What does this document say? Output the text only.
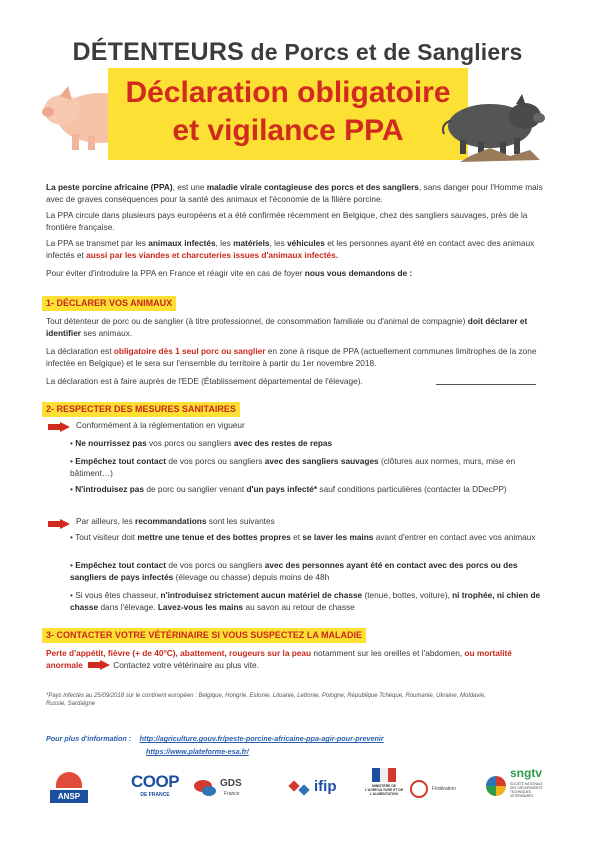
DÉTENTEURS de Porcs et de Sangliers
Déclaration obligatoire
et vigilance PPA
La peste porcine africaine (PPA), est une maladie virale contagieuse des porcs et des sangliers, sans danger pour l'Homme mais avec de graves conséquences pour la santé des animaux et l'économie de la filière porcine.
La PPA circule dans plusieurs pays européens et a été confirmée récemment en Belgique, chez des sangliers sauvages, près de la frontière française.
La PPA se transmet par les animaux infectés, les matériels, les véhicules et les personnes ayant été en contact avec des animaux infectés et aussi par les viandes et charcuteries issues d'animaux infectés.
Pour éviter d'introduire la PPA en France et réagir vite en cas de foyer nous vous demandons de :
1- DÉCLARER VOS ANIMAUX
Tout détenteur de porc ou de sanglier (à titre professionnel, de consommation familiale ou d'animal de compagnie) doit déclarer et identifier ses animaux.
La déclaration est obligatoire dès 1 seul porc ou sanglier en zone à risque de PPA (actuellement communes limitrophes de la zone infectée en Belgique) et le sera sur l'ensemble du territoire à partir du 1er novembre 2018.
La déclaration est à faire auprès de l'EDE (Établissement départemental de l'élevage).
2- RESPECTER DES MESURES SANITAIRES
Conformément à la réglementation en vigueur
• Ne nourrissez pas vos porcs ou sangliers avec des restes de repas
• Empêchez tout contact de vos porcs ou sangliers avec des sangliers sauvages (clôtures aux normes, murs, mise en bâtiment…)
• N'introduisez pas de porc ou sanglier venant d'un pays infecté* sauf conditions particulières (contacter la DDecPP)
Par ailleurs, les recommandations sont les suivantes
• Tout visiteur doit mettre une tenue et des bottes propres et se laver les mains avant d'entrer en contact avec vos animaux
• Empêchez tout contact de vos porcs ou sangliers avec des personnes ayant été en contact avec des porcs ou des sangliers de pays infectés (élevage ou chasse) depuis moins de 48h
• Si vous êtes chasseur, n'introduisez strictement aucun matériel de chasse (tenue, bottes, voiture), ni trophée, ni chien de chasse dans l'élevage. Lavez-vous les mains au savon au retour de chasse
3- CONTACTER VOTRE VÉTÉRINAIRE SI VOUS SUSPECTEZ LA MALADIE
Perte d'appétit, fièvre (+ de 40°C), abattement, rougeurs sur la peau notamment sur les oreilles et l'abdomen, ou mortalité anormale	Contactez votre vétérinaire au plus vite.
*Pays infectés au 25/09/2018 sur le continent européen : Belgique, Hongrie, Estonie, Lituanie, Lettonie, Pologne, République Tchèque, Roumanie, Ukraine, Moldavie, Russie, Sardaigne
Pour plus d'information : http://agriculture.gouv.fr/peste-porcine-africaine-ppa-agir-pour-prevenir
https://www.plateforme-esa.fr/
ANSP
COOP
DE FRANCE
GDS
France	ifip	MINISTÈRE DE L'AGRICULTURE ET DE L'ALIMENTATION
Fédération
sngtv
SOCIÉTÉ NATIONALE DES GROUPEMENTS TECHNIQUES VÉTÉRINAIRES
